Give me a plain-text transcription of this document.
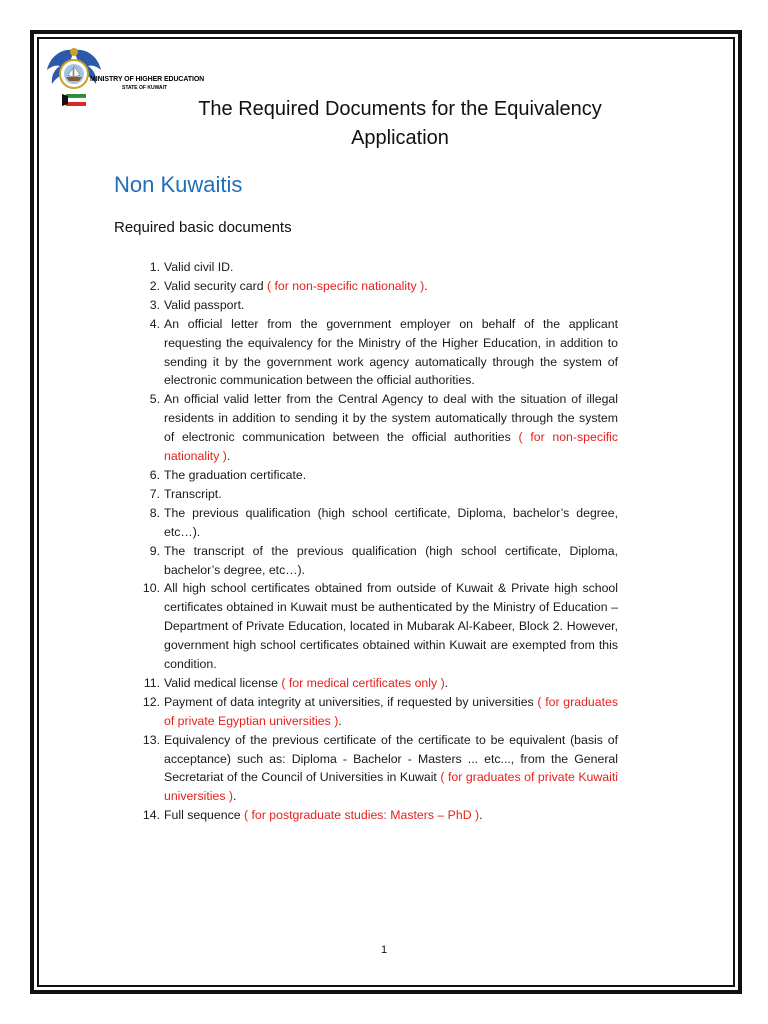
MINISTRY OF HIGHER EDUCATION
STATE OF KUWAIT
The Required Documents for the Equivalency Application
Non Kuwaitis
Required basic documents
1. Valid civil ID.
2. Valid security card ( for non-specific nationality ).
3. Valid passport.
4. An official letter from the government employer on behalf of the applicant requesting the equivalency for the Ministry of the Higher Education, in addition to sending it by the government work agency automatically through the system of electronic communication between the official authorities.
5. An official valid letter from the Central Agency to deal with the situation of illegal residents in addition to sending it by the system automatically through the system of electronic communication between the official authorities ( for non-specific nationality ).
6. The graduation certificate.
7. Transcript.
8. The previous qualification (high school certificate, Diploma, bachelor’s degree, etc…).
9. The transcript of the previous qualification (high school certificate, Diploma, bachelor’s degree, etc…).
10. All high school certificates obtained from outside of Kuwait & Private high school certificates obtained in Kuwait must be authenticated by the Ministry of Education – Department of Private Education, located in Mubarak Al-Kabeer, Block 2. However, government high school certificates obtained within Kuwait are exempted from this condition.
11. Valid medical license ( for medical certificates only ).
12. Payment of data integrity at universities, if requested by universities ( for graduates of private Egyptian universities ).
13. Equivalency of the previous certificate of the certificate to be equivalent (basis of acceptance) such as: Diploma - Bachelor - Masters ... etc..., from the General Secretariat of the Council of Universities in Kuwait ( for graduates of private Kuwaiti universities ).
14. Full sequence ( for postgraduate studies: Masters – PhD ).
1
